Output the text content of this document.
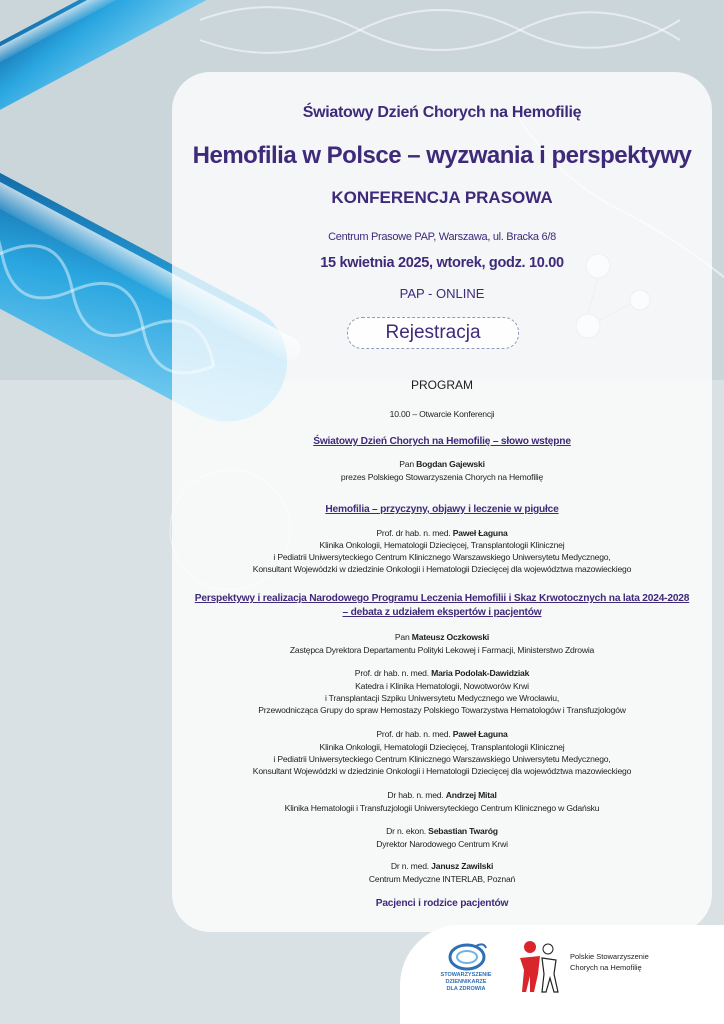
Światowy Dzień Chorych na Hemofilię
Hemofilia w Polsce – wyzwania i perspektywy
KONFERENCJA PRASOWA
Centrum Prasowe PAP, Warszawa, ul. Bracka 6/8
15 kwietnia 2025, wtorek, godz. 10.00
PAP - ONLINE
Rejestracja
PROGRAM
10.00 – Otwarcie Konferencji
Światowy Dzień Chorych na Hemofilię – słowo wstępne
Pan Bogdan Gajewski
prezes Polskiego Stowarzyszenia Chorych na Hemofilię
Hemofilia – przyczyny, objawy i leczenie w pigułce
Prof. dr hab. n. med. Paweł Łaguna
Klinika Onkologii, Hematologii Dziecięcej, Transplantologii Klinicznej
i Pediatrii Uniwersyteckiego Centrum Klinicznego Warszawskiego Uniwersytetu Medycznego,
Konsultant Wojewódzki w dziedzinie Onkologii i Hematologii Dziecięcej dla województwa mazowieckiego
Perspektywy i realizacja Narodowego Programu Leczenia Hemofilii i Skaz Krwotocznych na lata 2024-2028
– debata z udziałem ekspertów i pacjentów
Pan Mateusz Oczkowski
Zastępca Dyrektora Departamentu Polityki Lekowej i Farmacji, Ministerstwo Zdrowia
Prof. dr hab. n. med. Maria Podolak-Dawidziak
Katedra i Klinika Hematologii, Nowotworów Krwi
i Transplantacji Szpiku Uniwersytetu Medycznego we Wrocławiu,
Przewodnicząca Grupy do spraw Hemostazy Polskiego Towarzystwa Hematologów i Transfuzjologów
Prof. dr hab. n. med. Paweł Łaguna
Klinika Onkologii, Hematologii Dziecięcej, Transplantologii Klinicznej
i Pediatrii Uniwersyteckiego Centrum Klinicznego Warszawskiego Uniwersytetu Medycznego,
Konsultant Wojewódzki w dziedzinie Onkologii i Hematologii Dziecięcej dla województwa mazowieckiego
Dr hab. n. med. Andrzej Mital
Klinika Hematologii i Transfuzjologii Uniwersyteckiego Centrum Klinicznego w Gdańsku
Dr n. ekon. Sebastian Twaróg
Dyrektor Narodowego Centrum Krwi
Dr n. med. Janusz Zawilski
Centrum Medyczne INTERLAB, Poznań
Pacjenci i rodzice pacjentów
STOWARZYSZENIE
DZIENNIKARZE
DLA ZDROWIA
Polskie Stowarzyszenie
Chorych na Hemofilię
